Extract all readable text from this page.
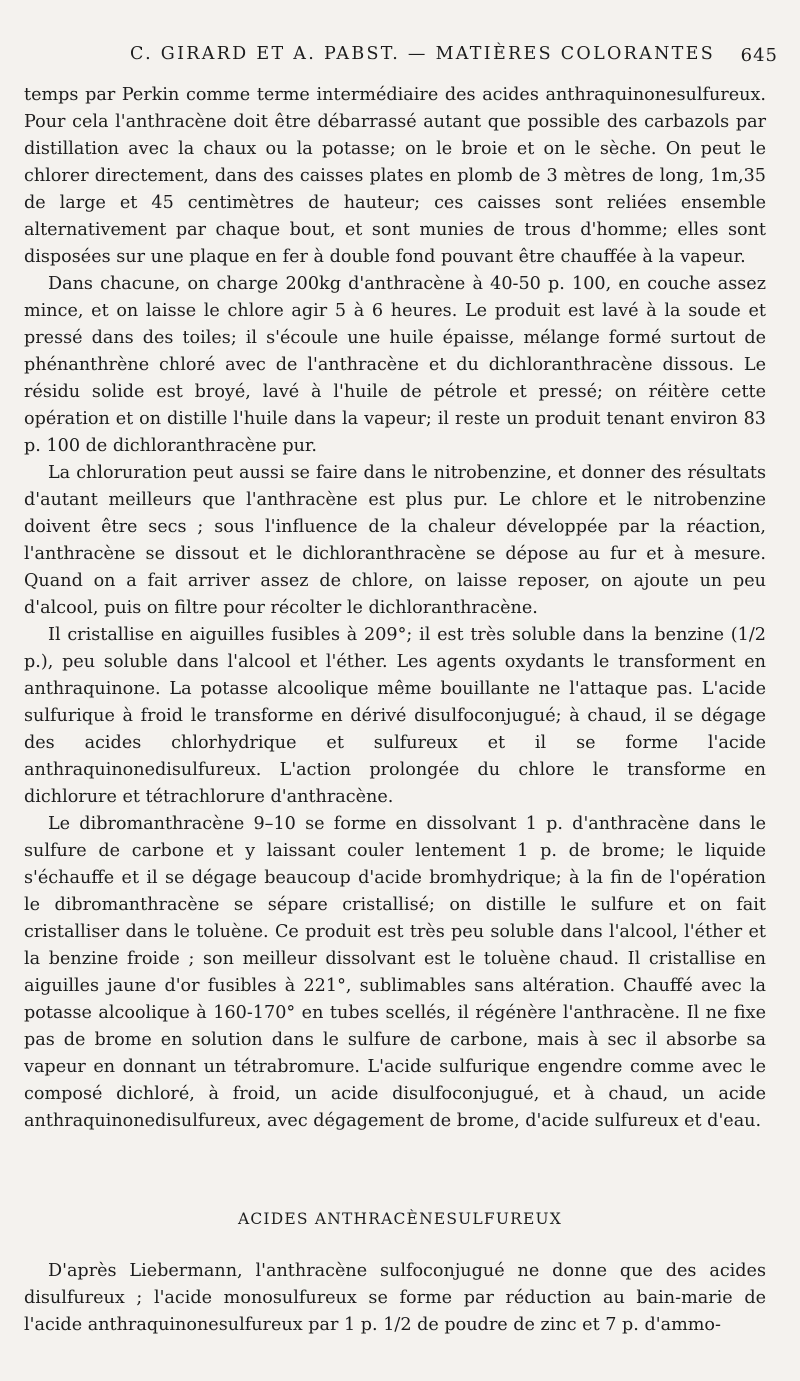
C. GIRARD ET A. PABST. — MATIÈRES COLORANTES 645

temps par Perkin comme terme intermédiaire des acides anthraquinonesulfureux. Pour cela l'anthracène doit être débarrassé autant que possible des carbazols par distillation avec la chaux ou la potasse; on le broie et on le sèche. On peut le chlorer directement, dans des caisses plates en plomb de 3 mètres de long, 1m,35 de large et 45 centimètres de hauteur; ces caisses sont reliées ensemble alternativement par chaque bout, et sont munies de trous d'homme; elles sont disposées sur une plaque en fer à double fond pouvant être chauffée à la vapeur.

Dans chacune, on charge 200kg d'anthracène à 40-50 p. 100, en couche assez mince, et on laisse le chlore agir 5 à 6 heures. Le produit est lavé à la soude et pressé dans des toiles; il s'écoule une huile épaisse, mélange formé surtout de phénanthrène chloré avec de l'anthracène et du dichloranthracène dissous. Le résidu solide est broyé, lavé à l'huile de pétrole et pressé; on réitère cette opération et on distille l'huile dans la vapeur; il reste un produit tenant environ 83 p. 100 de dichloranthracène pur.

La chloruration peut aussi se faire dans le nitrobenzine, et donner des résultats d'autant meilleurs que l'anthracène est plus pur. Le chlore et le nitrobenzine doivent être secs ; sous l'influence de la chaleur développée par la réaction, l'anthracène se dissout et le dichloranthracène se dépose au fur et à mesure. Quand on a fait arriver assez de chlore, on laisse reposer, on ajoute un peu d'alcool, puis on filtre pour récolter le dichloranthracène.

Il cristallise en aiguilles fusibles à 209°; il est très soluble dans la benzine (1/2 p.), peu soluble dans l'alcool et l'éther. Les agents oxydants le transforment en anthraquinone. La potasse alcoolique même bouillante ne l'attaque pas. L'acide sulfurique à froid le transforme en dérivé disulfoconjugué; à chaud, il se dégage des acides chlorhydrique et sulfureux et il se forme l'acide anthraquinonedisulfureux. L'action prolongée du chlore le transforme en dichlorure et tétrachlorure d'anthracène.

Le dibromanthracène 9–10 se forme en dissolvant 1 p. d'anthracène dans le sulfure de carbone et y laissant couler lentement 1 p. de brome; le liquide s'échauffe et il se dégage beaucoup d'acide bromhydrique; à la fin de l'opération le dibromanthracène se sépare cristallisé; on distille le sulfure et on fait cristalliser dans le toluène. Ce produit est très peu soluble dans l'alcool, l'éther et la benzine froide ; son meilleur dissolvant est le toluène chaud. Il cristallise en aiguilles jaune d'or fusibles à 221°, sublimables sans altération. Chauffé avec la potasse alcoolique à 160-170° en tubes scellés, il régénère l'anthracène. Il ne fixe pas de brome en solution dans le sulfure de carbone, mais à sec il absorbe sa vapeur en donnant un tétrabromure. L'acide sulfurique engendre comme avec le composé dichloré, à froid, un acide disulfoconjugué, et à chaud, un acide anthraquinonedisulfureux, avec dégagement de brome, d'acide sulfureux et d'eau.

ACIDES ANTHRACÈNESULFUREUX

D'après Liebermann, l'anthracène sulfoconjugué ne donne que des acides disulfureux ; l'acide monosulfureux se forme par réduction au bain-marie de l'acide anthraquinonesulfureux par 1 p. 1/2 de poudre de zinc et 7 p. d'ammo-
